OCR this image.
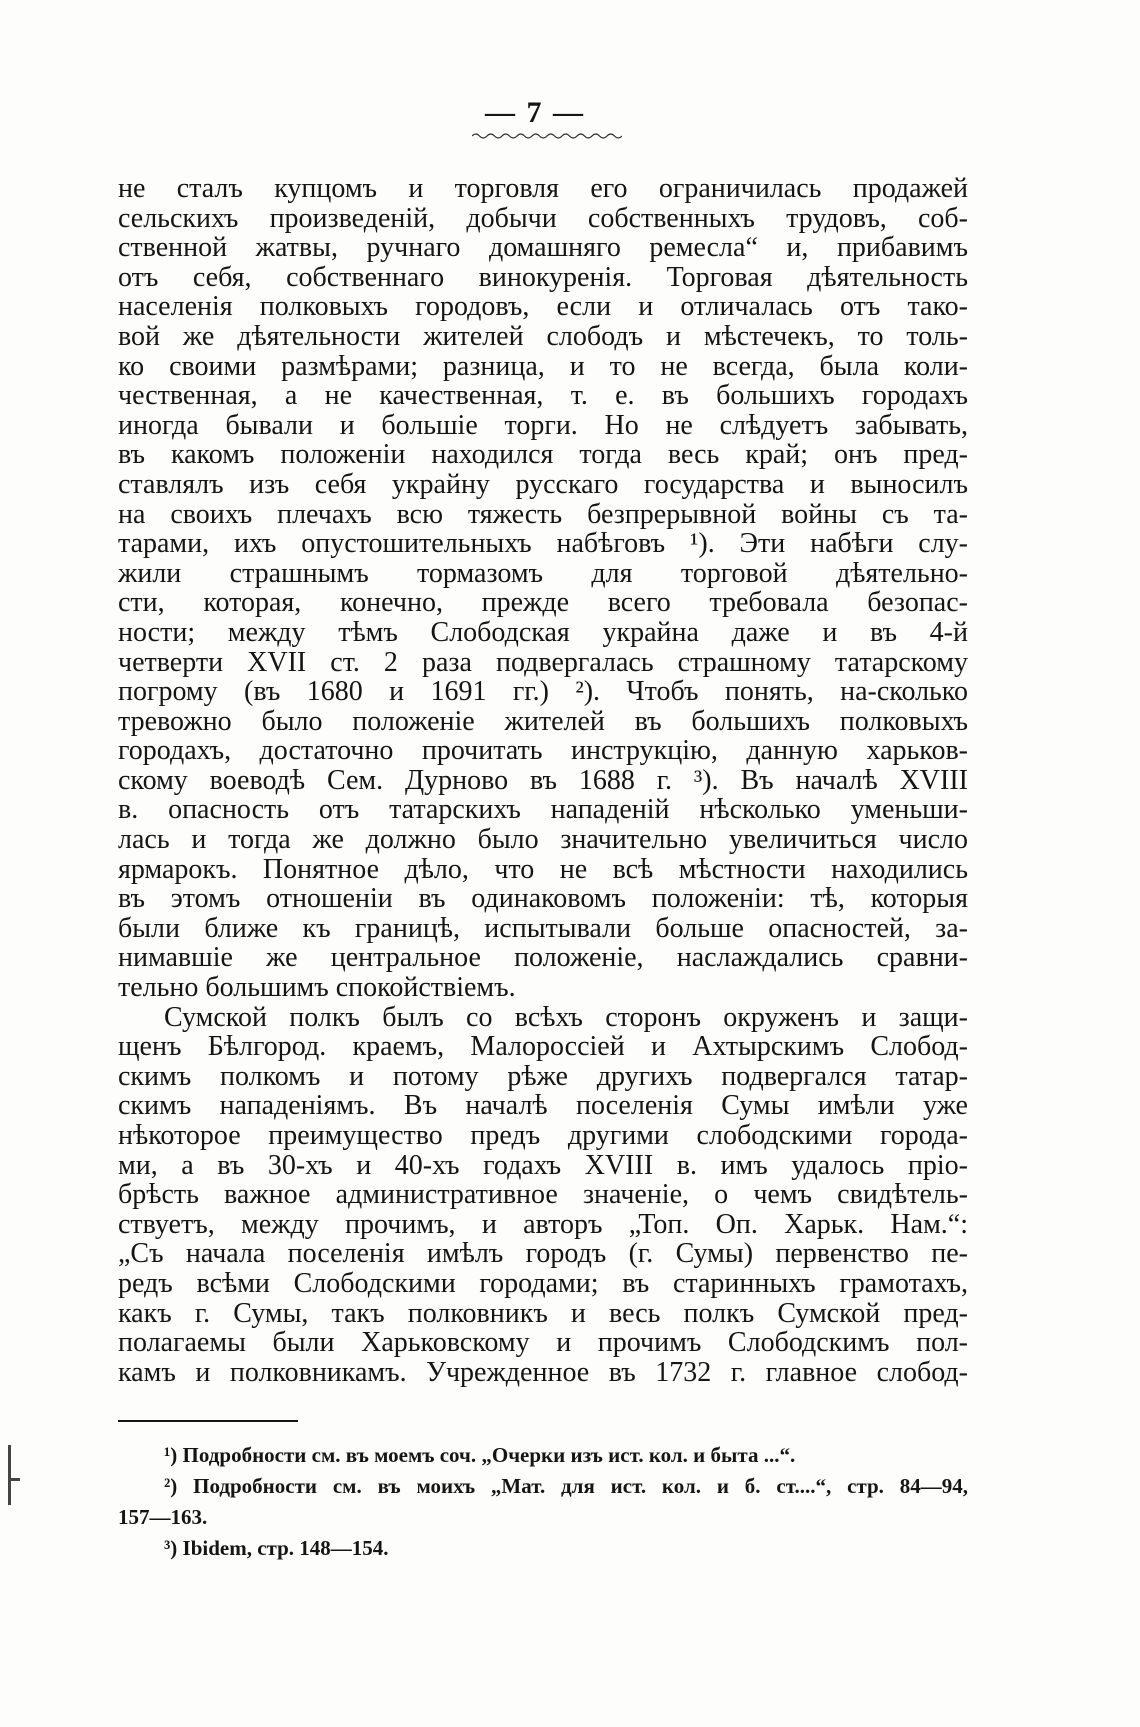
— 7 —
не сталъ купцомъ и торговля его ограничилась продажей
сельскихъ произведеній, добычи собственныхъ трудовъ, соб-
ственной жатвы, ручнаго домашняго ремесла“ и, прибавимъ
отъ себя, собственнаго винокуренія. Торговая дѣятельность
населенія полковыхъ городовъ, если и отличалась отъ тако-
вой же дѣятельности жителей слободъ и мѣстечекъ, то толь-
ко своими размѣрами; разница, и то не всегда, была коли-
чественная, а не качественная, т. е. въ большихъ городахъ
иногда бывали и большіе торги. Но не слѣдуетъ забывать,
въ какомъ положеніи находился тогда весь край; онъ пред-
ставлялъ изъ себя украйну русскаго государства и выносилъ
на своихъ плечахъ всю тяжесть безпрерывной войны съ та-
тарами, ихъ опустошительныхъ набѣговъ ¹). Эти набѣги слу-
жили страшнымъ тормазомъ для торговой дѣятельно-
сти, которая, конечно, прежде всего требовала безопас-
ности; между тѣмъ Слободская украйна даже и въ 4-й
четверти XVII ст. 2 раза подвергалась страшному татарскому
погрому (въ 1680 и 1691 гг.) ²). Чтобъ понять, на-сколько
тревожно было положеніе жителей въ большихъ полковыхъ
городахъ, достаточно прочитать инструкцію, данную харьков-
скому воеводѣ Сем. Дурново въ 1688 г. ³). Въ началѣ XVIII
в. опасность отъ татарскихъ нападеній нѣсколько уменьши-
лась и тогда же должно было значительно увеличиться число
ярмарокъ. Понятное дѣло, что не всѣ мѣстности находились
въ этомъ отношеніи въ одинаковомъ положеніи: тѣ, которыя
были ближе къ границѣ, испытывали больше опасностей, за-
нимавшіе же центральное положеніе, наслаждались сравни-
тельно большимъ спокойствіемъ.
Сумской полкъ былъ со всѣхъ сторонъ окруженъ и защи-
щенъ Бѣлгород. краемъ, Малороссіей и Ахтырскимъ Слобод-
скимъ полкомъ и потому рѣже другихъ подвергался татар-
скимъ нападеніямъ. Въ началѣ поселенія Сумы имѣли уже
нѣкоторое преимущество предъ другими слободскими города-
ми, а въ 30-хъ и 40-хъ годахъ XVIII в. имъ удалось пріо-
брѣсть важное административное значеніе, о чемъ свидѣтель-
ствуетъ, между прочимъ, и авторъ „Топ. Оп. Харьк. Нам.“:
„Съ начала поселенія имѣлъ городъ (г. Сумы) первенство пе-
редъ всѣми Слободскими городами; въ старинныхъ грамотахъ,
какъ г. Сумы, такъ полковникъ и весь полкъ Сумской пред-
полагаемы были Харьковскому и прочимъ Слободскимъ пол-
камъ и полковникамъ. Учрежденное въ 1732 г. главное слобод-
¹) Подробности см. въ моемъ соч. „Очерки изъ ист. кол. и быта ...“.
²) Подробности см. въ моихъ „Мат. для ист. кол. и б. ст....“, стр. 84—94,
157—163.
³) Ibidem, стр. 148—154.
